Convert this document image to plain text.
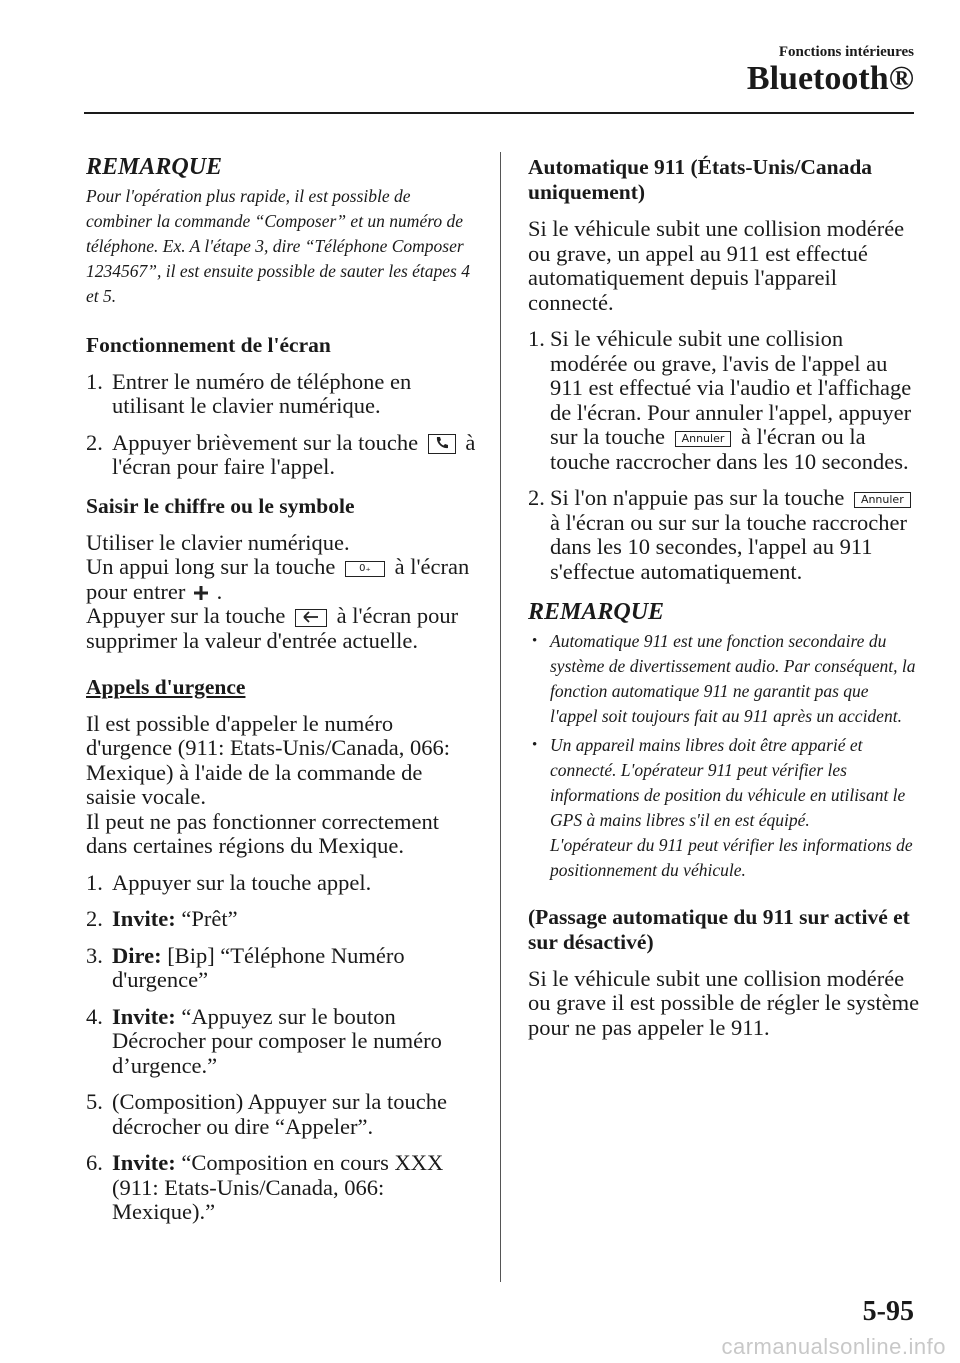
Fonctions intérieures
Bluetooth®
REMARQUE
Pour l'opération plus rapide, il est possible de combiner la commande “Composer” et un numéro de téléphone. Ex. A l'étape 3, dire “Téléphone Composer 1234567”, il est ensuite possible de sauter les étapes 4 et 5.
Fonctionnement de l'écran
1. Entrer le numéro de téléphone en utilisant le clavier numérique.
2. Appuyer brièvement sur la touche à l'écran pour faire l'appel.
Saisir le chiffre ou le symbole
Utiliser le clavier numérique.
Un appui long sur la touche 0₊ à l'écran pour entrer .

Appuyer sur la touche à l'écran pour supprimer la valeur d'entrée actuelle.

Appels d'urgence
Il est possible d'appeler le numéro d'urgence (911: Etats-Unis/Canada, 066: Mexique) à l'aide de la commande de saisie vocale.

Il peut ne pas fonctionner correctement dans certaines régions du Mexique.

1. Appuyer sur la touche appel.
2. Invite: “Prêt”
3. Dire: [Bip] “Téléphone Numéro d'urgence”
4. Invite: “Appuyez sur le bouton Décrocher pour composer le numéro d’urgence.”
5. (Composition) Appuyer sur la touche décrocher ou dire “Appeler”.
6. Invite: “Composition en cours XXX (911: Etats-Unis/Canada, 066: Mexique).”
Automatique 911 (États-Unis/Canada uniquement)

Si le véhicule subit une collision modérée ou grave, un appel au 911 est effectué automatiquement depuis l'appareil connecté.

1. Si le véhicule subit une collision modérée ou grave, l'avis de l'appel au 911 est effectué via l'audio et l'affichage de l'écran. Pour annuler l'appel, appuyer sur la touche Annuler à l'écran ou la touche raccrocher dans les 10 secondes.
2. Si l'on n'appuie pas sur la touche Annuler à l'écran ou sur sur la touche raccrocher dans les 10 secondes, l'appel au 911 s'effectue automatiquement.
REMARQUE
• Automatique 911 est une fonction secondaire du système de divertissement audio. Par conséquent, la fonction automatique 911 ne garantit pas que l'appel soit toujours fait au 911 après un accident.
• Un appareil mains libres doit être apparié et connecté. L'opérateur 911 peut vérifier les informations de position du véhicule en utilisant le GPS à mains libres s'il en est équipé.
L'opérateur du 911 peut vérifier les informations de positionnement du véhicule.
(Passage automatique du 911 sur activé et sur désactivé)

Si le véhicule subit une collision modérée ou grave il est possible de régler le système pour ne pas appeler le 911.

5-95
carmanualsonline.info
